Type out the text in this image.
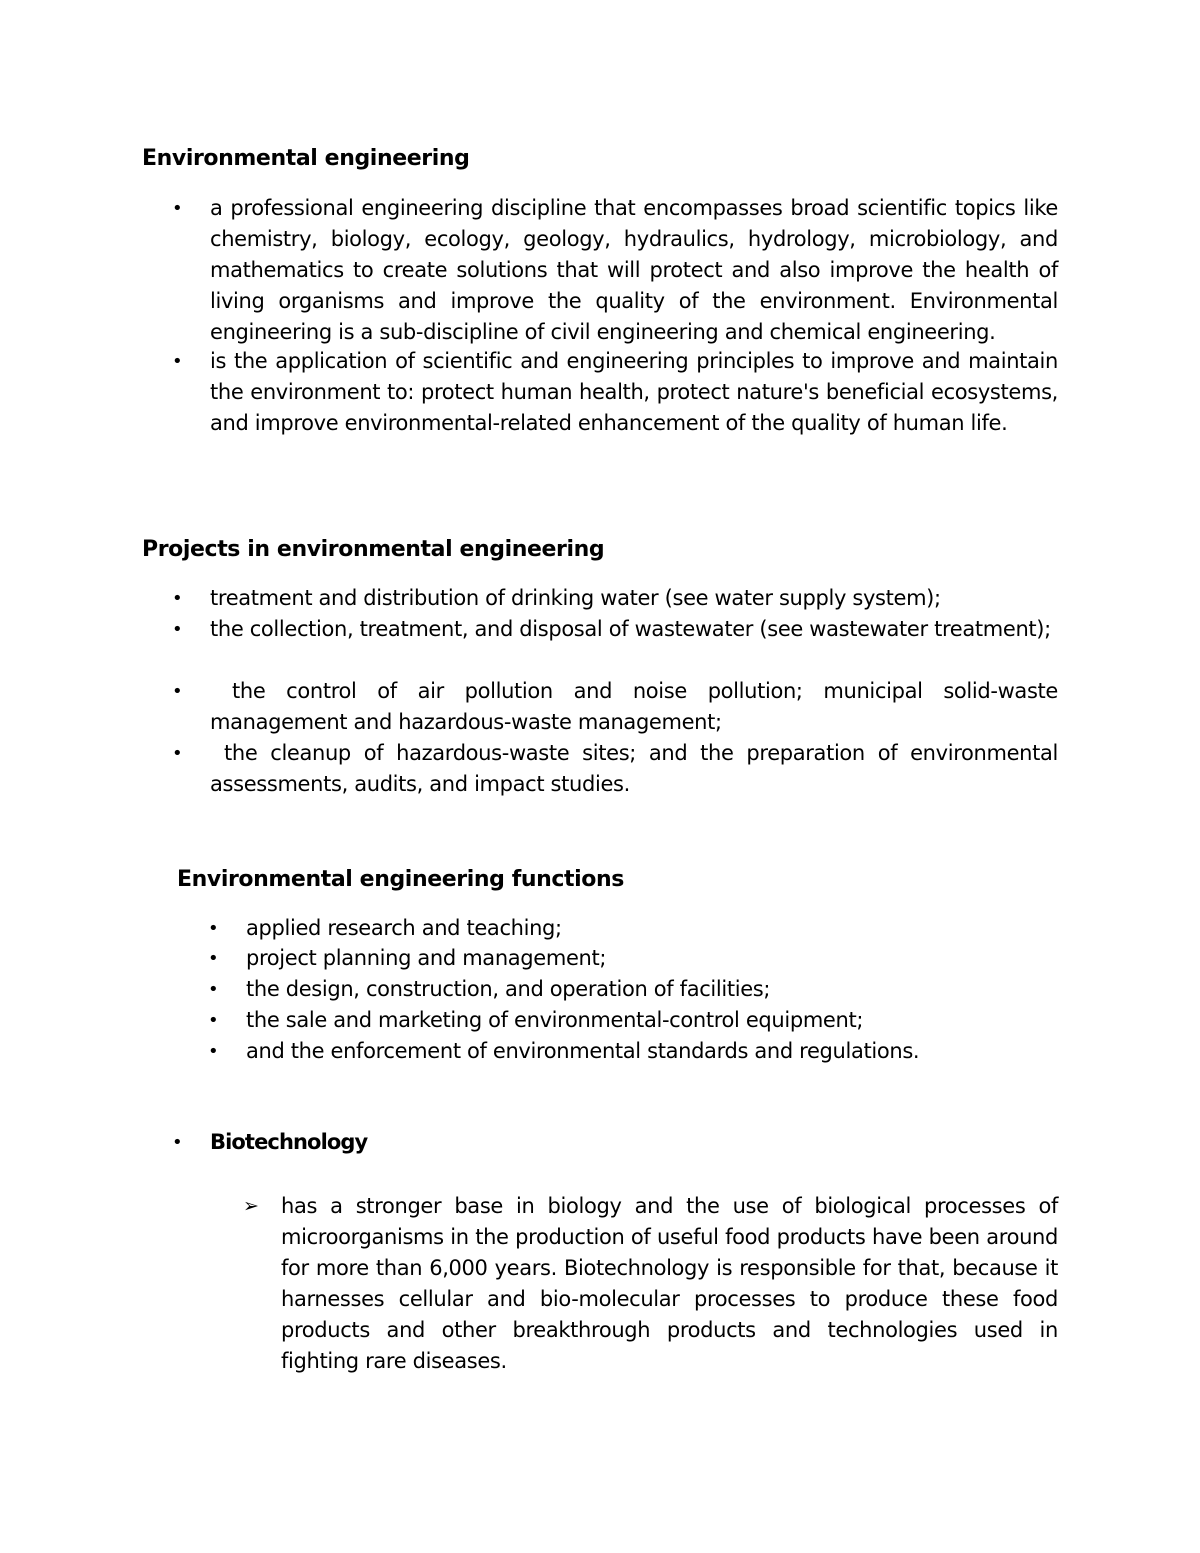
Environmental engineering
• a professional engineering discipline that encompasses broad scientific topics like chemistry, biology, ecology, geology, hydraulics, hydrology, microbiology, and mathematics to create solutions that will protect and also improve the health of living organisms and improve the quality of the environment. Environmental engineering is a sub-discipline of civil engineering and chemical engineering.
• is the application of scientific and engineering principles to improve and maintain the environment to: protect human health, protect nature's beneficial ecosystems, and improve environmental-related enhancement of the quality of human life.
Projects in environmental engineering
• treatment and distribution of drinking water (see water supply system);
• the collection, treatment, and disposal of wastewater (see wastewater treatment);
•	the control of air pollution and noise pollution; municipal solid-waste management and hazardous-waste management;
•	the cleanup of hazardous-waste sites; and the preparation of environmental assessments, audits, and impact studies.
Environmental engineering functions
• applied research and teaching;
• project planning and management;
• the design, construction, and operation of facilities;
• the sale and marketing of environmental-control equipment;
• and the enforcement of environmental standards and regulations.
• Biotechnology
➢ has a stronger base in biology and the use of biological processes of microorganisms in the production of useful food products have been around for more than 6,000 years. Biotechnology is responsible for that, because it harnesses cellular and bio-molecular processes to produce these food products and other breakthrough products and technologies used in fighting rare diseases.
